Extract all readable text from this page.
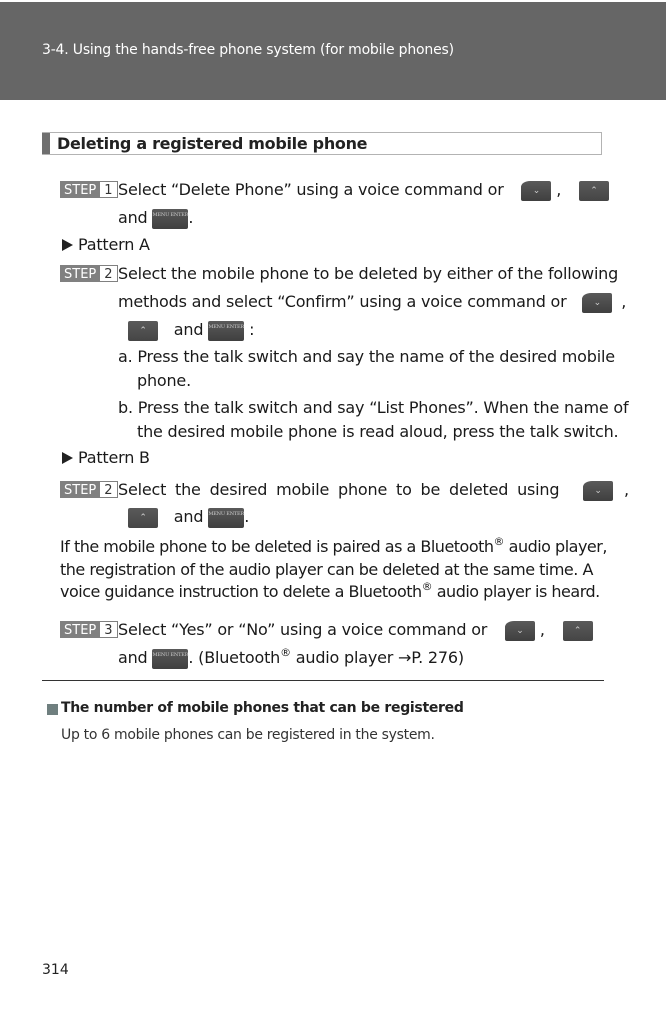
3-4. Using the hands-free phone system (for mobile phones)
Deleting a registered mobile phone
STEP 1 Select “Delete Phone” using a voice command or	⌄ ,	⌃
and MENU ENTER.
Pattern A
STEP 2 Select the mobile phone to be deleted by either of the following
methods and select “Confirm” using a voice command or	⌄ ,
⌃ and MENU ENTER :
a. Press the talk switch and say the name of the desired mobile
phone.
b. Press the talk switch and say “List Phones”. When the name of
the desired mobile phone is read aloud, press the talk switch.
Pattern B
STEP 2 Select the desired mobile phone to be deleted using	⌄ ,
⌃ and MENU ENTER.
If the mobile phone to be deleted is paired as a Bluetooth® audio player,
the registration of the audio player can be deleted at the same time. A
voice guidance instruction to delete a Bluetooth® audio player is heard.
STEP 3 Select “Yes” or “No” using a voice command or	⌄ ,	⌃
and MENU ENTER. (Bluetooth® audio player →P. 276)
The number of mobile phones that can be registered
Up to 6 mobile phones can be registered in the system.
314
